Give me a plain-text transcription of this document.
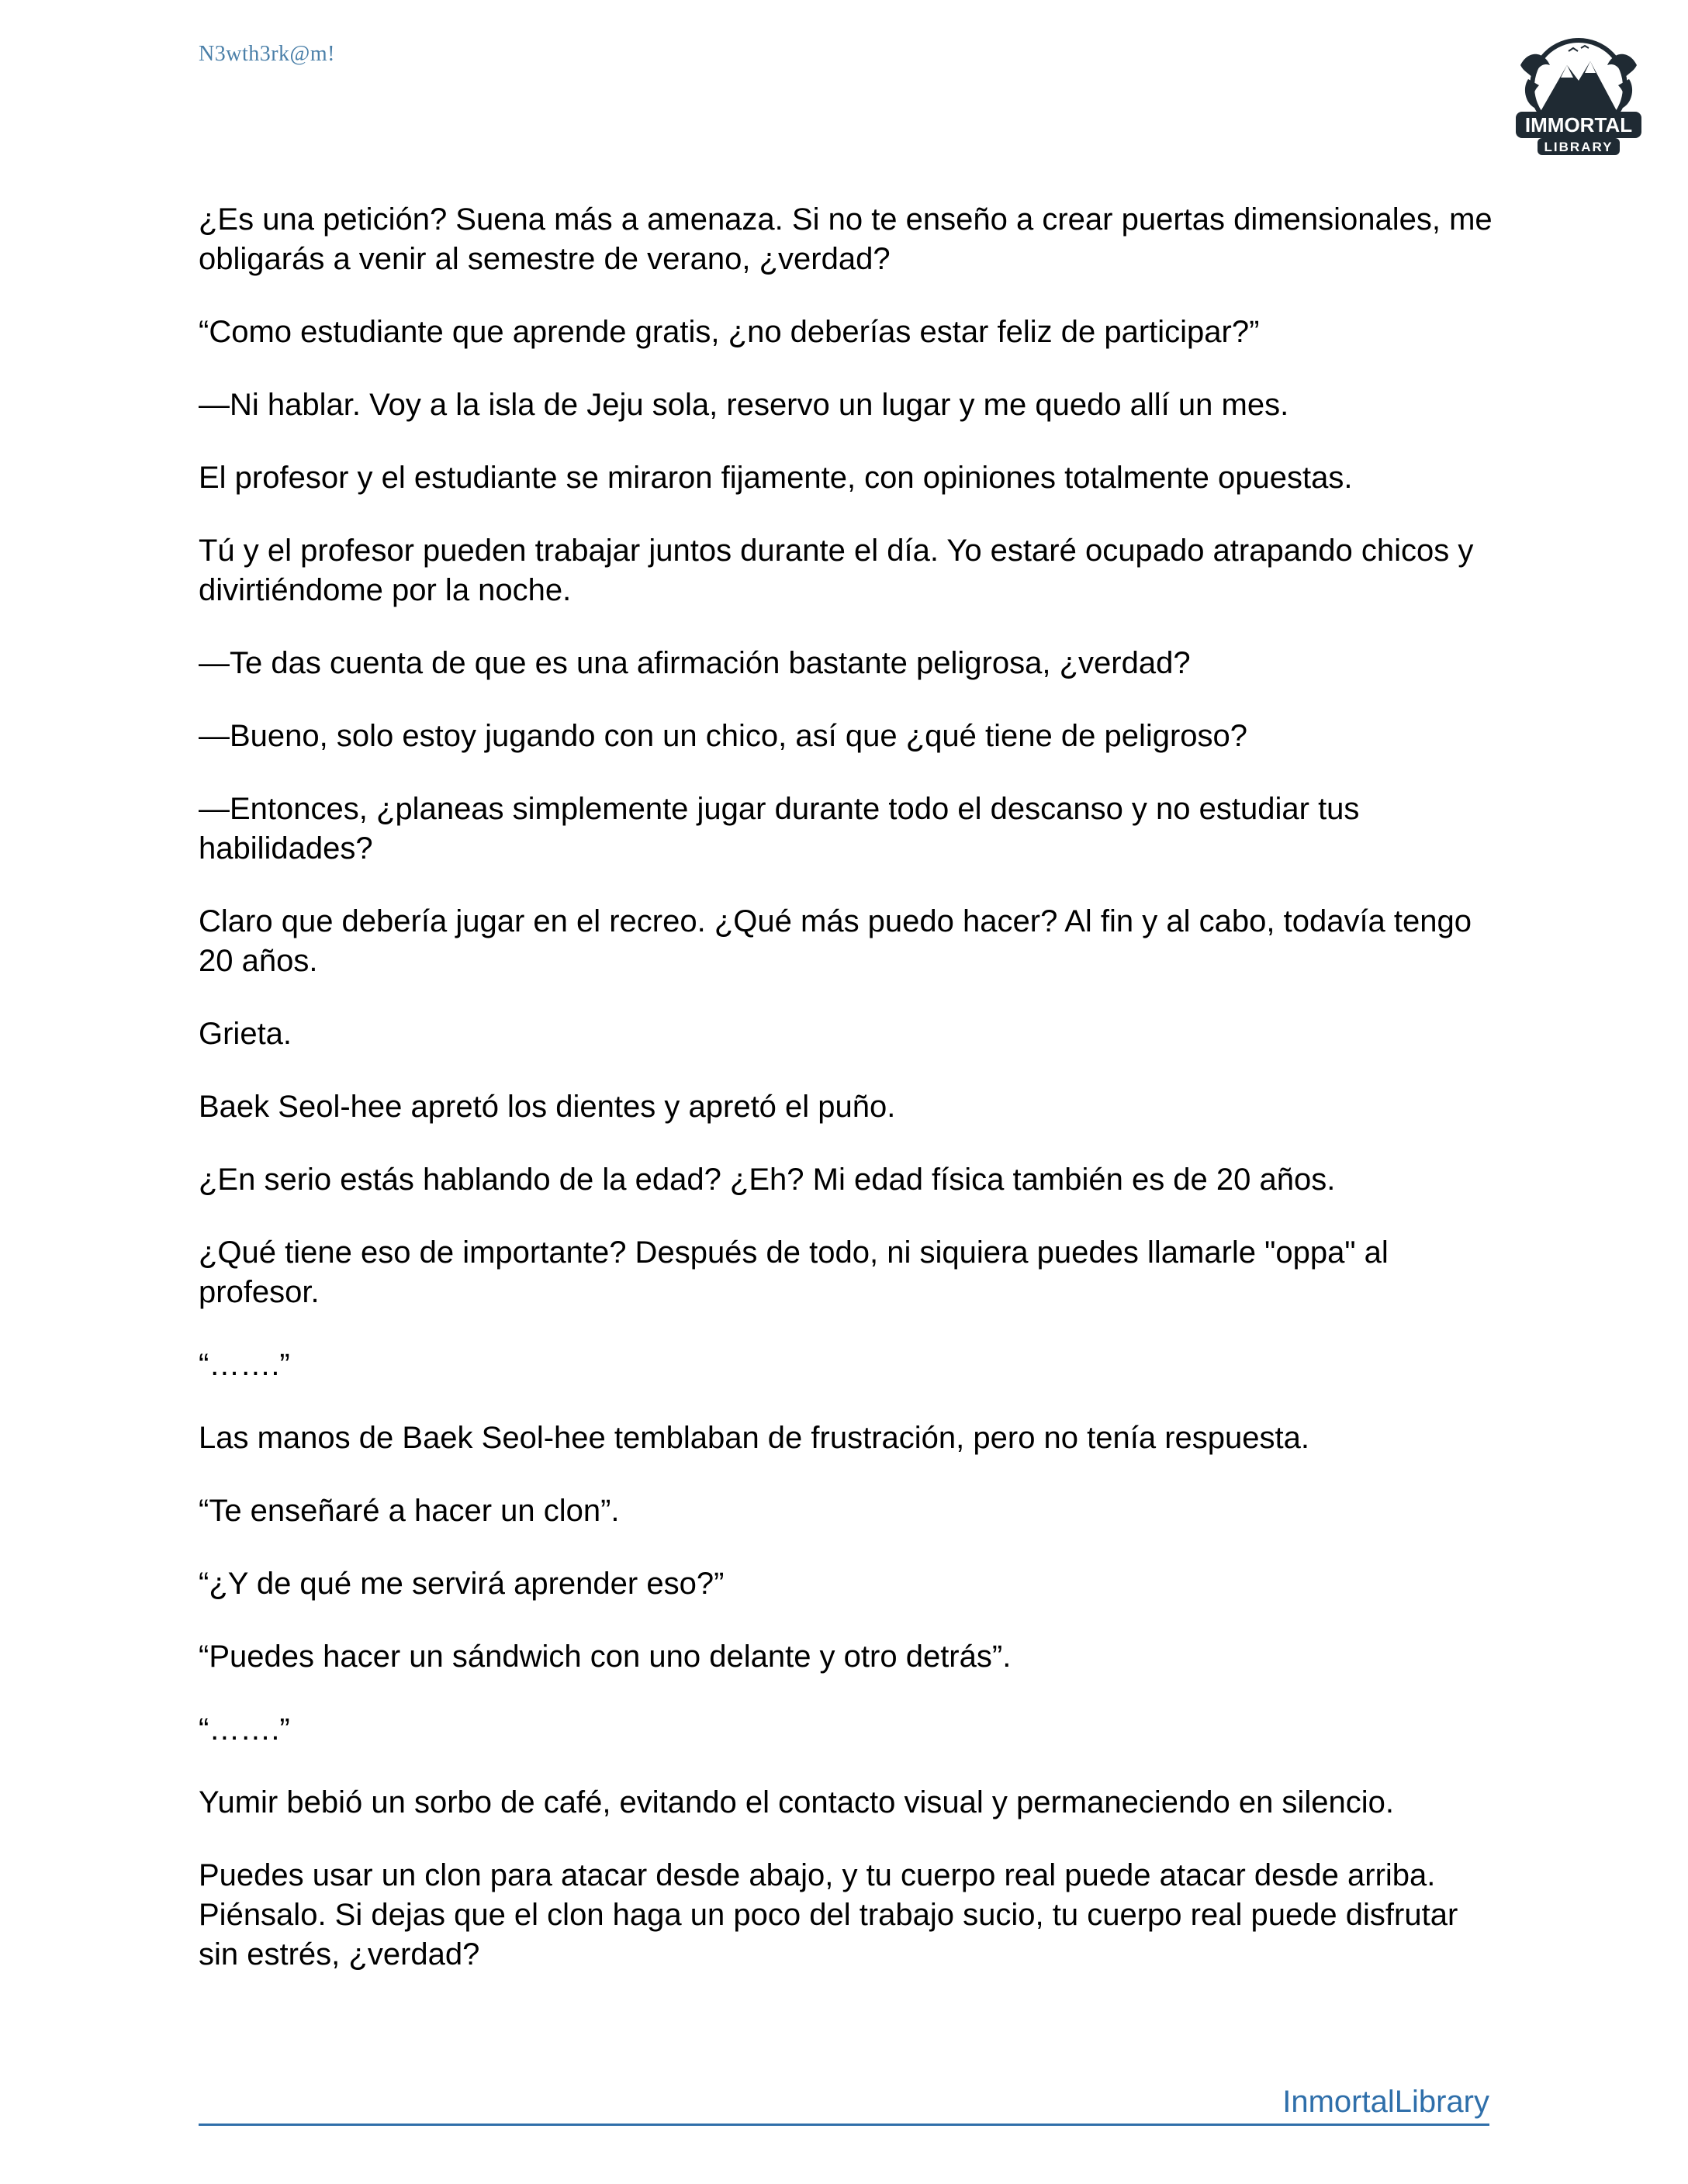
N3wth3rk@m!
IMMORTAL
LIBRARY

¿Es una petición? Suena más a amenaza. Si no te enseño a crear puertas dimensionales, me obligarás a venir al semestre de verano, ¿verdad?

“Como estudiante que aprende gratis, ¿no deberías estar feliz de participar?”

—Ni hablar. Voy a la isla de Jeju sola, reservo un lugar y me quedo allí un mes.

El profesor y el estudiante se miraron fijamente, con opiniones totalmente opuestas.

Tú y el profesor pueden trabajar juntos durante el día. Yo estaré ocupado atrapando chicos y divirtiéndome por la noche.

—Te das cuenta de que es una afirmación bastante peligrosa, ¿verdad?

—Bueno, solo estoy jugando con un chico, así que ¿qué tiene de peligroso?

—Entonces, ¿planeas simplemente jugar durante todo el descanso y no estudiar tus habilidades?

Claro que debería jugar en el recreo. ¿Qué más puedo hacer? Al fin y al cabo, todavía tengo 20 años.

Grieta.

Baek Seol-hee apretó los dientes y apretó el puño.

¿En serio estás hablando de la edad? ¿Eh? Mi edad física también es de 20 años.

¿Qué tiene eso de importante? Después de todo, ni siquiera puedes llamarle "oppa" al profesor.

“…….”

Las manos de Baek Seol-hee temblaban de frustración, pero no tenía respuesta.

“Te enseñaré a hacer un clon”.

“¿Y de qué me servirá aprender eso?”

“Puedes hacer un sándwich con uno delante y otro detrás”.

“…….”

Yumir bebió un sorbo de café, evitando el contacto visual y permaneciendo en silencio.

Puedes usar un clon para atacar desde abajo, y tu cuerpo real puede atacar desde arriba. Piénsalo. Si dejas que el clon haga un poco del trabajo sucio, tu cuerpo real puede disfrutar sin estrés, ¿verdad?

InmortalLibrary
